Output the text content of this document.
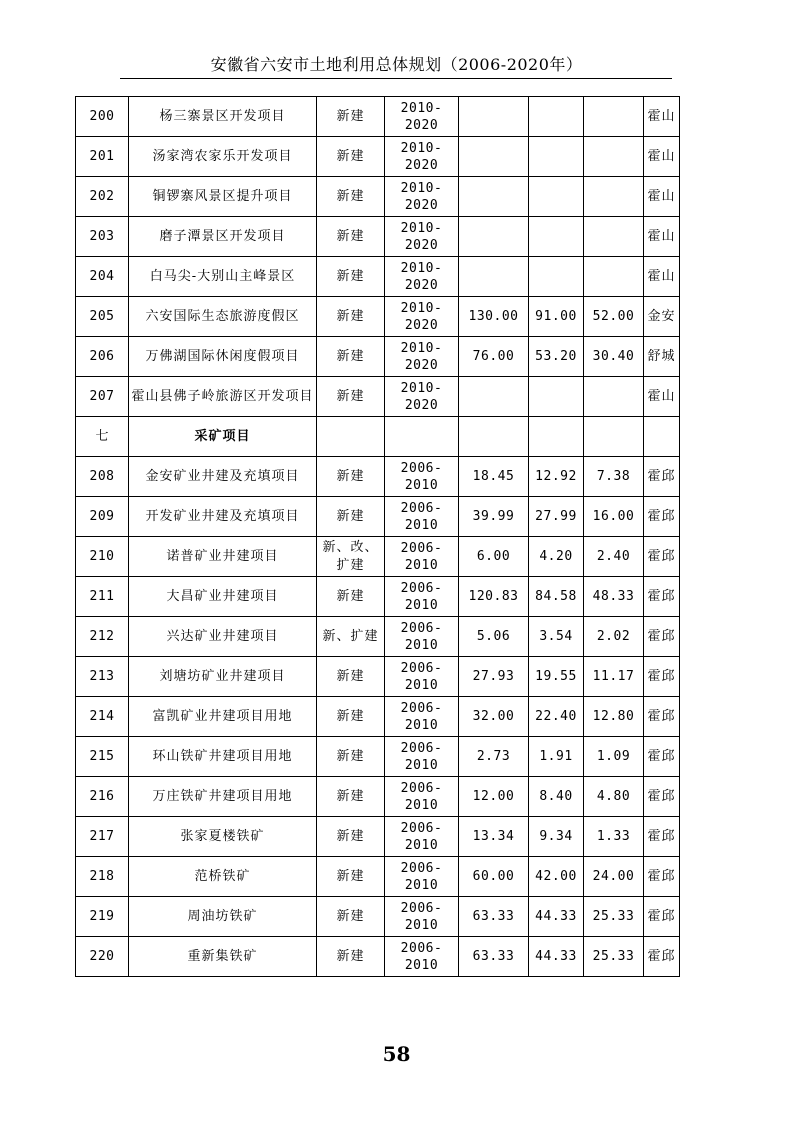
安徽省六安市土地利用总体规划（2006-2020年）
200	杨三寨景区开发项目	新建	2010-2020				霍山
201	汤家湾农家乐开发项目	新建	2010-2020				霍山
202	铜锣寨风景区提升项目	新建	2010-2020				霍山
203	磨子潭景区开发项目	新建	2010-2020				霍山
204	白马尖-大别山主峰景区	新建	2010-2020				霍山
205	六安国际生态旅游度假区	新建	2010-2020	130.00	91.00	52.00	金安
206	万佛湖国际休闲度假项目	新建	2010-2020	76.00	53.20	30.40	舒城
207	霍山县佛子岭旅游区开发项目	新建	2010-2020				霍山
七	采矿项目						
208	金安矿业井建及充填项目	新建	2006-2010	18.45	12.92	7.38	霍邱
209	开发矿业井建及充填项目	新建	2006-2010	39.99	27.99	16.00	霍邱
210	诺普矿业井建项目	新、改、扩建	2006-2010	6.00	4.20	2.40	霍邱
211	大昌矿业井建项目	新建	2006-2010	120.83	84.58	48.33	霍邱
212	兴达矿业井建项目	新、扩建	2006-2010	5.06	3.54	2.02	霍邱
213	刘塘坊矿业井建项目	新建	2006-2010	27.93	19.55	11.17	霍邱
214	富凯矿业井建项目用地	新建	2006-2010	32.00	22.40	12.80	霍邱
215	环山铁矿井建项目用地	新建	2006-2010	2.73	1.91	1.09	霍邱
216	万庄铁矿井建项目用地	新建	2006-2010	12.00	8.40	4.80	霍邱
217	张家夏楼铁矿	新建	2006-2010	13.34	9.34	1.33	霍邱
218	范桥铁矿	新建	2006-2010	60.00	42.00	24.00	霍邱
219	周油坊铁矿	新建	2006-2010	63.33	44.33	25.33	霍邱
220	重新集铁矿	新建	2006-2010	63.33	44.33	25.33	霍邱
58
